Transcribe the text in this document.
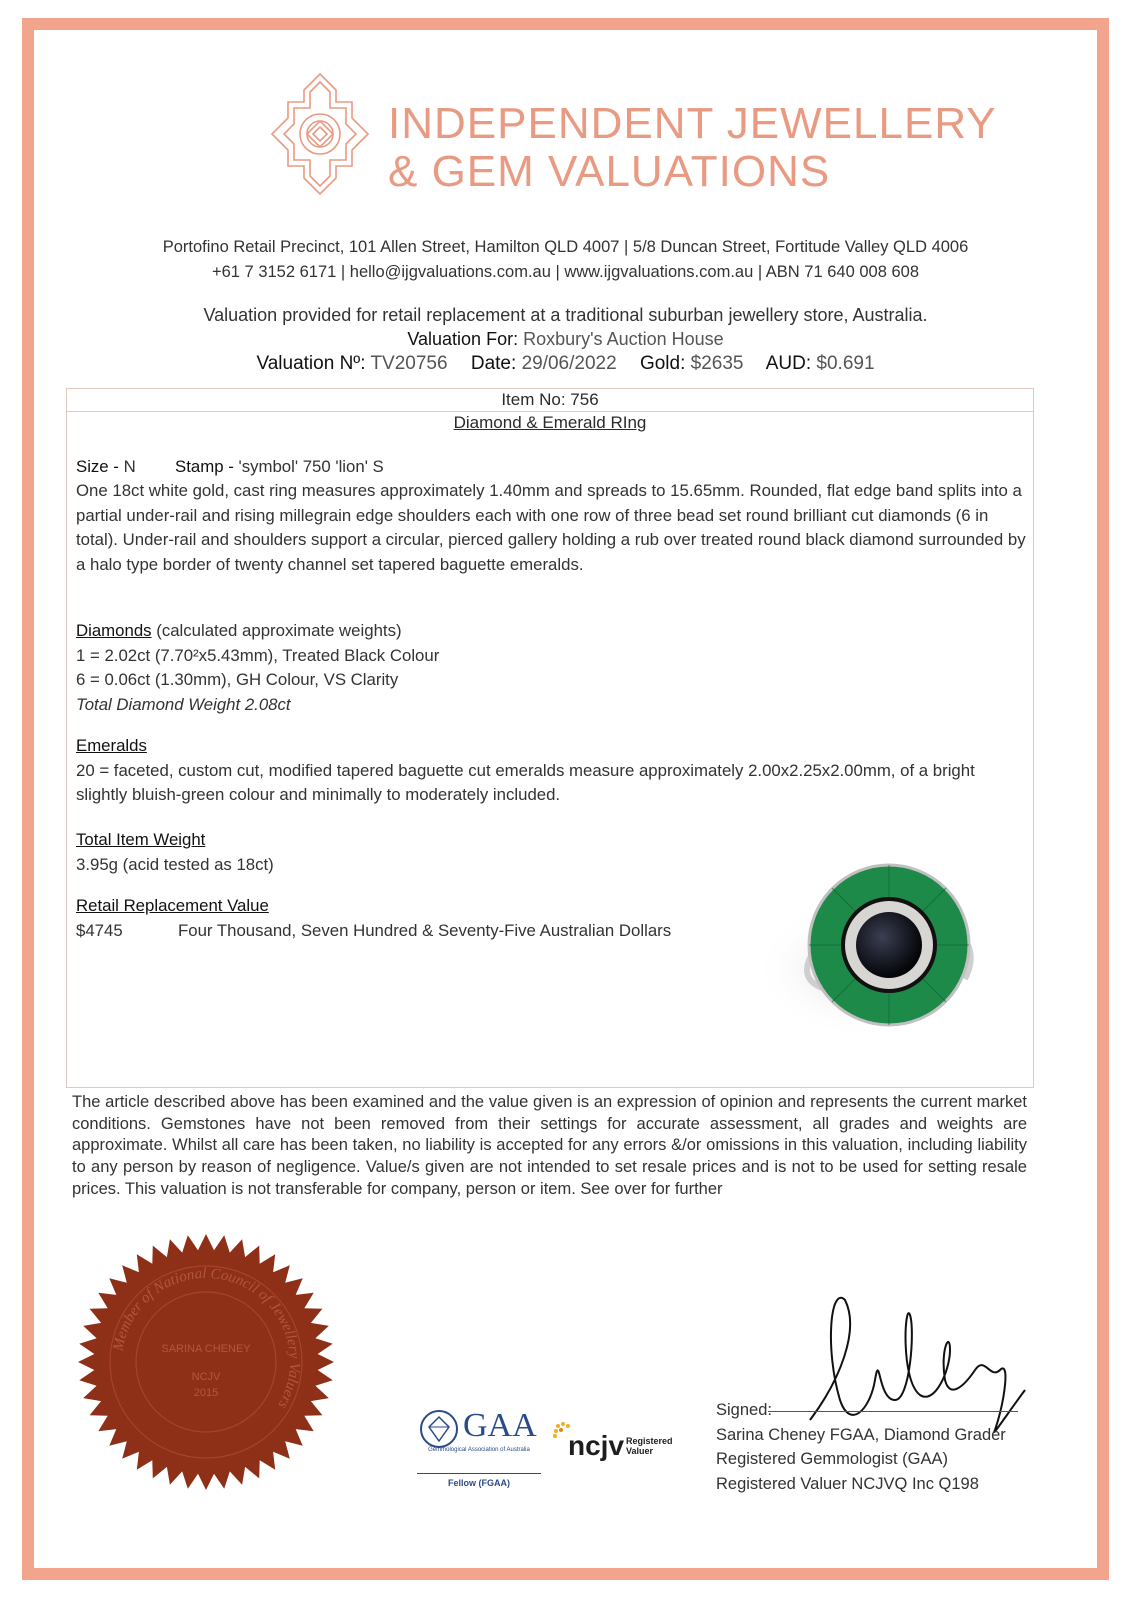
INDEPENDENT JEWELLERY
& GEM VALUATIONS
Portofino Retail Precinct, 101 Allen Street, Hamilton QLD 4007 | 5/8 Duncan Street, Fortitude Valley QLD 4006
+61 7 3152 6171 | hello@ijgvaluations.com.au | www.ijgvaluations.com.au | ABN 71 640 008 608
Valuation provided for retail replacement at a traditional suburban jewellery store, Australia.
Valuation For: Roxbury's Auction House
Valuation Nº: TV20756 Date: 29/06/2022 Gold: $2635 AUD: $0.691
Item No: 756
Diamond & Emerald RIng
Size - N Stamp - 'symbol' 750 'lion' S
One 18ct white gold, cast ring measures approximately 1.40mm and spreads to 15.65mm. Rounded, flat edge band splits into a partial under-rail and rising millegrain edge shoulders each with one row of three bead set round brilliant cut diamonds (6 in total). Under-rail and shoulders support a circular, pierced gallery holding a rub over treated round black diamond surrounded by a halo type border of twenty channel set tapered baguette emeralds.
Diamonds (calculated approximate weights)
1 = 2.02ct (7.70²x5.43mm), Treated Black Colour
6 = 0.06ct (1.30mm), GH Colour, VS Clarity
Total Diamond Weight 2.08ct
Emeralds
20 = faceted, custom cut, modified tapered baguette cut emeralds measure approximately 2.00x2.25x2.00mm, of a bright slightly bluish-green colour and minimally to moderately included.
Total Item Weight
3.95g (acid tested as 18ct)
Retail Replacement Value
$4745	Four Thousand, Seven Hundred & Seventy-Five Australian Dollars
The article described above has been examined and the value given is an expression of opinion and represents the current market conditions. Gemstones have not been removed from their settings for accurate assessment, all grades and weights are approximate. Whilst all care has been taken, no liability is accepted for any errors &/or omissions in this valuation, including liability to any person by reason of negligence. Value/s given are not intended to set resale prices and is not to be used for setting resale prices. This valuation is not transferable for company, person or item. See over for further
Member of National Council of Jewellery Valuers
SARINA CHENEY
NCJV
2015
GAA
Gemmological Association of Australia
Fellow (FGAA)
ncjv Registered Valuer
Signed:
Sarina Cheney FGAA, Diamond Grader
Registered Gemmologist (GAA)
Registered Valuer NCJVQ Inc Q198
